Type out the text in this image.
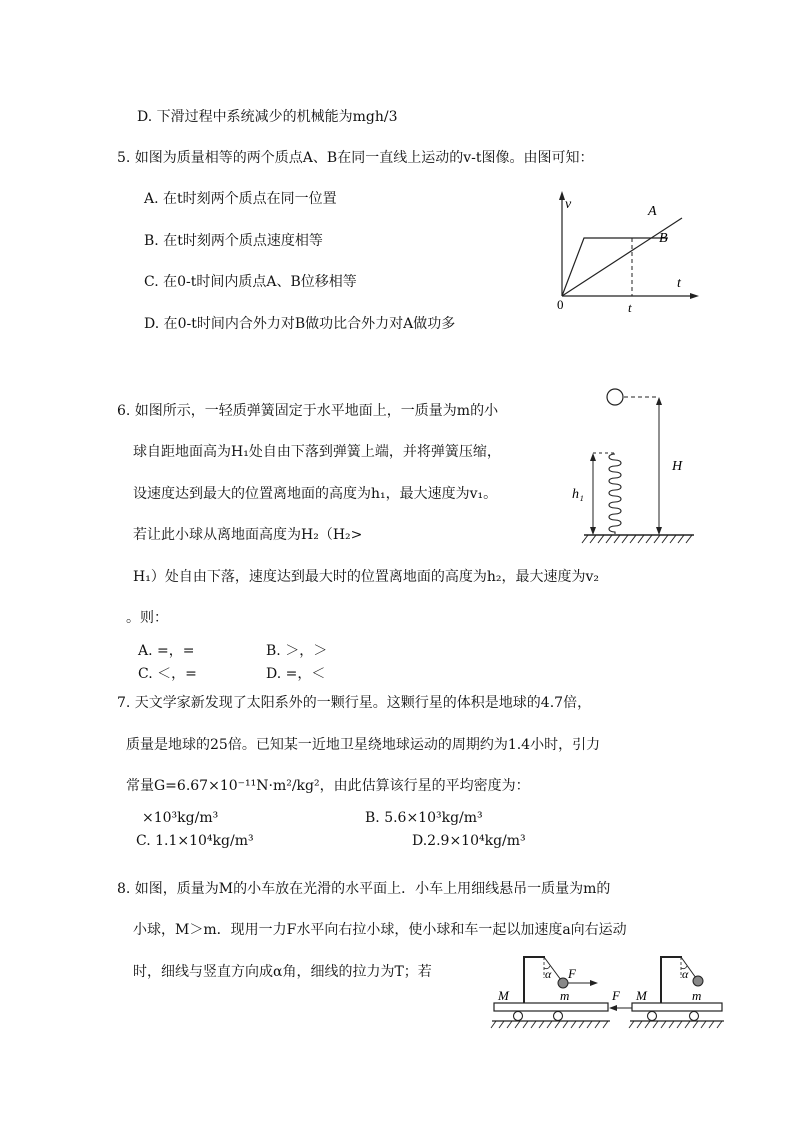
D. 下滑过程中系统减少的机械能为mgh/3
5. 如图为质量相等的两个质点A、B在同一直线上运动的v-t图像。由图可知：
A. 在t时刻两个质点在同一位置
B. 在t时刻两个质点速度相等
C. 在0-t时间内质点A、B位移相等
D. 在0-t时间内合外力对B做功比合外力对A做功多
v	A
B
t
0	t
6. 如图所示，一轻质弹簧固定于水平地面上，一质量为m的小
球自距地面高为H₁处自由下落到弹簧上端，并将弹簧压缩，
设速度达到最大的位置离地面的高度为h₁，最大速度为v₁。
若让此小球从离地面高度为H₂（H₂>
H₁）处自由下落，速度达到最大时的位置离地面的高度为h₂，最大速度为v₂
。则：
A. =，=	B. ＞，＞
C. ＜，=	D. =，＜
H
h₁
7. 天文学家新发现了太阳系外的一颗行星。这颗行星的体积是地球的4.7倍，
质量是地球的25倍。已知某一近地卫星绕地球运动的周期约为1.4小时，引力
常量G=6.67×10⁻¹¹N·m²/kg²，由此估算该行星的平均密度为：
×10³kg/m³	B. 5.6×10³kg/m³
C. 1.1×10⁴kg/m³	D.2.9×10⁴kg/m³
8. 如图，质量为M的小车放在光滑的水平面上．小车上用细线悬吊一质量为m的
小球，M＞m．现用一力F水平向右拉小球，使小球和车一起以加速度a向右运动
时，细线与竖直方向成α角，细线的拉力为T；若	α F
M	m	F
α
M	m
